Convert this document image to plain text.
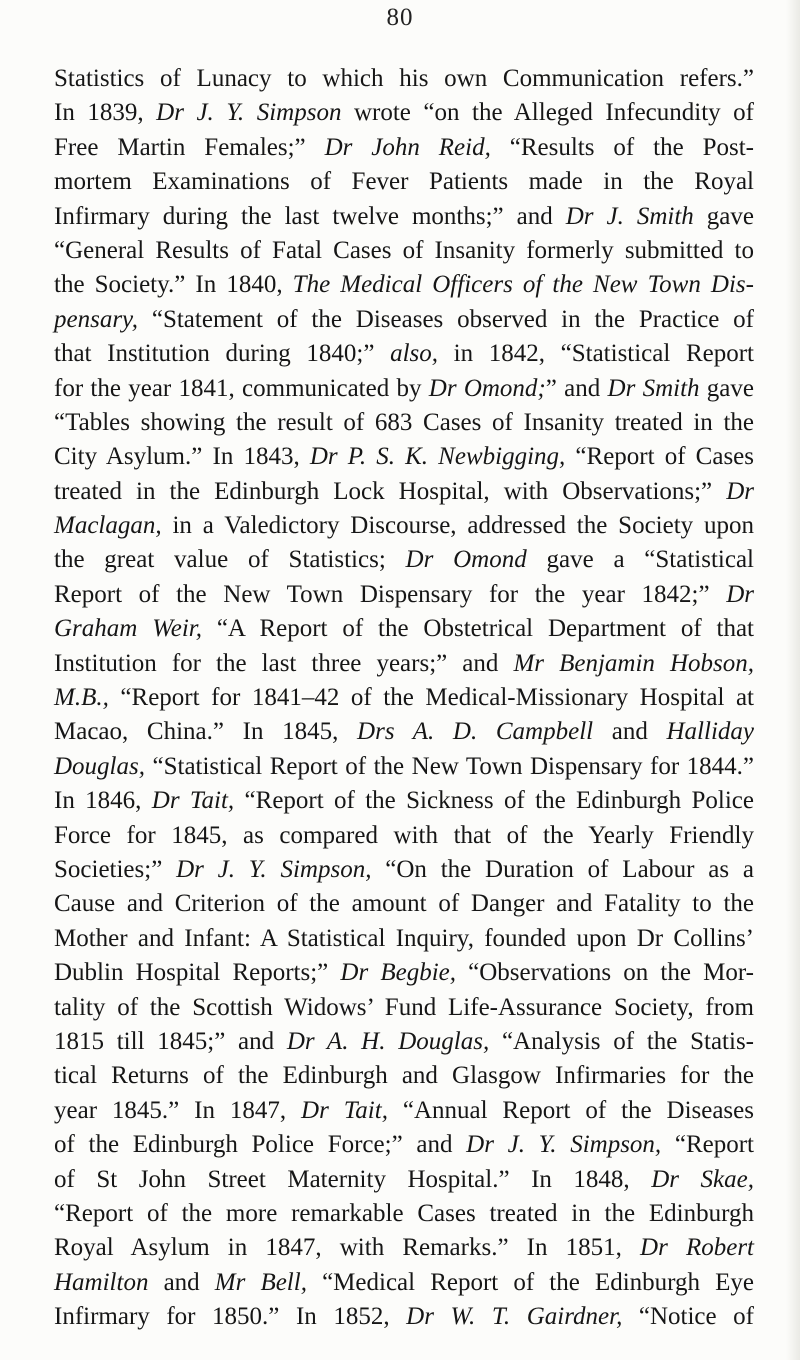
80
Statistics of Lunacy to which his own Communication refers.”
In 1839, Dr J. Y. Simpson wrote “on the Alleged Infecundity of
Free Martin Females;” Dr John Reid, “Results of the Post-
mortem Examinations of Fever Patients made in the Royal
Infirmary during the last twelve months;” and Dr J. Smith gave
“General Results of Fatal Cases of Insanity formerly submitted to
the Society.” In 1840, The Medical Officers of the New Town Dis-
pensary, “Statement of the Diseases observed in the Practice of
that Institution during 1840;” also, in 1842, “Statistical Report
for the year 1841, communicated by Dr Omond;” and Dr Smith gave
“Tables showing the result of 683 Cases of Insanity treated in the
City Asylum.” In 1843, Dr P. S. K. Newbigging, “Report of Cases
treated in the Edinburgh Lock Hospital, with Observations;” Dr
Maclagan, in a Valedictory Discourse, addressed the Society upon
the great value of Statistics; Dr Omond gave a “Statistical
Report of the New Town Dispensary for the year 1842;” Dr
Graham Weir, “A Report of the Obstetrical Department of that
Institution for the last three years;” and Mr Benjamin Hobson,
M.B., “Report for 1841–42 of the Medical-Missionary Hospital at
Macao, China.” In 1845, Drs A. D. Campbell and Halliday
Douglas, “Statistical Report of the New Town Dispensary for 1844.”
In 1846, Dr Tait, “Report of the Sickness of the Edinburgh Police
Force for 1845, as compared with that of the Yearly Friendly
Societies;” Dr J. Y. Simpson, “On the Duration of Labour as a
Cause and Criterion of the amount of Danger and Fatality to the
Mother and Infant: A Statistical Inquiry, founded upon Dr Collins’
Dublin Hospital Reports;” Dr Begbie, “Observations on the Mor-
tality of the Scottish Widows’ Fund Life-Assurance Society, from
1815 till 1845;” and Dr A. H. Douglas, “Analysis of the Statis-
tical Returns of the Edinburgh and Glasgow Infirmaries for the
year 1845.” In 1847, Dr Tait, “Annual Report of the Diseases
of the Edinburgh Police Force;” and Dr J. Y. Simpson, “Report
of St John Street Maternity Hospital.” In 1848, Dr Skae,
“Report of the more remarkable Cases treated in the Edinburgh
Royal Asylum in 1847, with Remarks.” In 1851, Dr Robert
Hamilton and Mr Bell, “Medical Report of the Edinburgh Eye
Infirmary for 1850.” In 1852, Dr W. T. Gairdner, “Notice of
